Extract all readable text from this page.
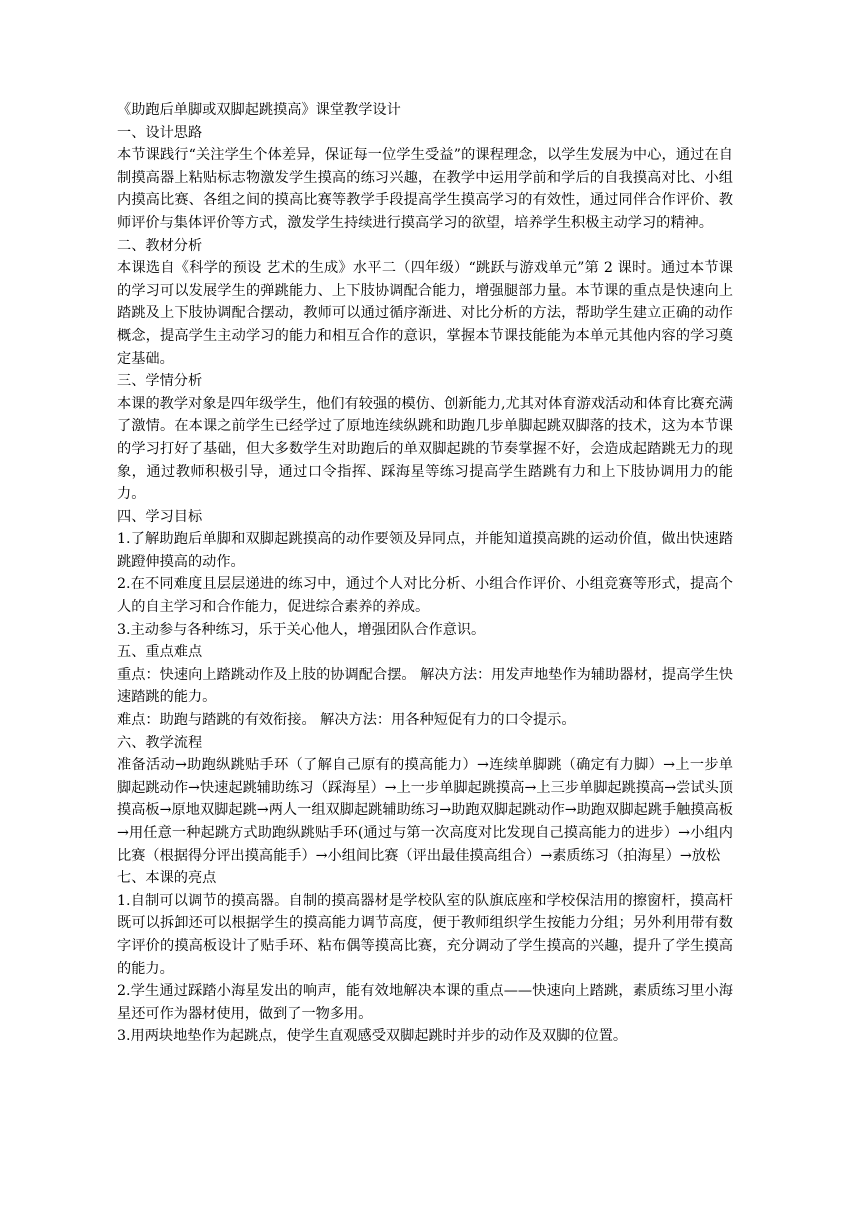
《助跑后单脚或双脚起跳摸高》课堂教学设计

一、设计思路

本节课践行“关注学生个体差异，保证每一位学生受益”的课程理念，以学生发展为中心，通过在自制摸高器上粘贴标志物激发学生摸高的练习兴趣，在教学中运用学前和学后的自我摸高对比、小组内摸高比赛、各组之间的摸高比赛等教学手段提高学生摸高学习的有效性，通过同伴合作评价、教师评价与集体评价等方式，激发学生持续进行摸高学习的欲望，培养学生积极主动学习的精神。

二、教材分析

本课选自《科学的预设 艺术的生成》水平二（四年级）“跳跃与游戏单元”第 2 课时。通过本节课的学习可以发展学生的弹跳能力、上下肢协调配合能力，增强腿部力量。本节课的重点是快速向上踏跳及上下肢协调配合摆动，教师可以通过循序渐进、对比分析的方法，帮助学生建立正确的动作概念，提高学生主动学习的能力和相互合作的意识，掌握本节课技能能为本单元其他内容的学习奠定基础。

三、学情分析

本课的教学对象是四年级学生，他们有较强的模仿、创新能力,尤其对体育游戏活动和体育比赛充满了激情。在本课之前学生已经学过了原地连续纵跳和助跑几步单脚起跳双脚落的技术，这为本节课的学习打好了基础，但大多数学生对助跑后的单双脚起跳的节奏掌握不好，会造成起踏跳无力的现象，通过教师积极引导，通过口令指挥、踩海星等练习提高学生踏跳有力和上下肢协调用力的能力。

四、学习目标

1.了解助跑后单脚和双脚起跳摸高的动作要领及异同点，并能知道摸高跳的运动价值，做出快速踏跳蹬伸摸高的动作。

2.在不同难度且层层递进的练习中，通过个人对比分析、小组合作评价、小组竞赛等形式，提高个人的自主学习和合作能力，促进综合素养的养成。

3.主动参与各种练习，乐于关心他人，增强团队合作意识。

五、重点难点

重点：快速向上踏跳动作及上肢的协调配合摆。 解决方法：用发声地垫作为辅助器材，提高学生快速踏跳的能力。

难点：助跑与踏跳的有效衔接。 解决方法：用各种短促有力的口令提示。

六、教学流程

准备活动→助跑纵跳贴手环（了解自己原有的摸高能力）→连续单脚跳（确定有力脚）→上一步单脚起跳动作→快速起跳辅助练习（踩海星）→上一步单脚起跳摸高→上三步单脚起跳摸高→尝试头顶摸高板→原地双脚起跳→两人一组双脚起跳辅助练习→助跑双脚起跳动作→助跑双脚起跳手触摸高板→用任意一种起跳方式助跑纵跳贴手环(通过与第一次高度对比发现自己摸高能力的进步）→小组内比赛（根据得分评出摸高能手）→小组间比赛（评出最佳摸高组合）→素质练习（拍海星）→放松

七、本课的亮点

1.自制可以调节的摸高器。自制的摸高器材是学校队室的队旗底座和学校保洁用的擦窗杆，摸高杆既可以拆卸还可以根据学生的摸高能力调节高度，便于教师组织学生按能力分组；另外利用带有数字评价的摸高板设计了贴手环、粘布偶等摸高比赛，充分调动了学生摸高的兴趣，提升了学生摸高的能力。

2.学生通过踩踏小海星发出的响声，能有效地解决本课的重点——快速向上踏跳，素质练习里小海星还可作为器材使用，做到了一物多用。

3.用两块地垫作为起跳点，使学生直观感受双脚起跳时并步的动作及双脚的位置。
